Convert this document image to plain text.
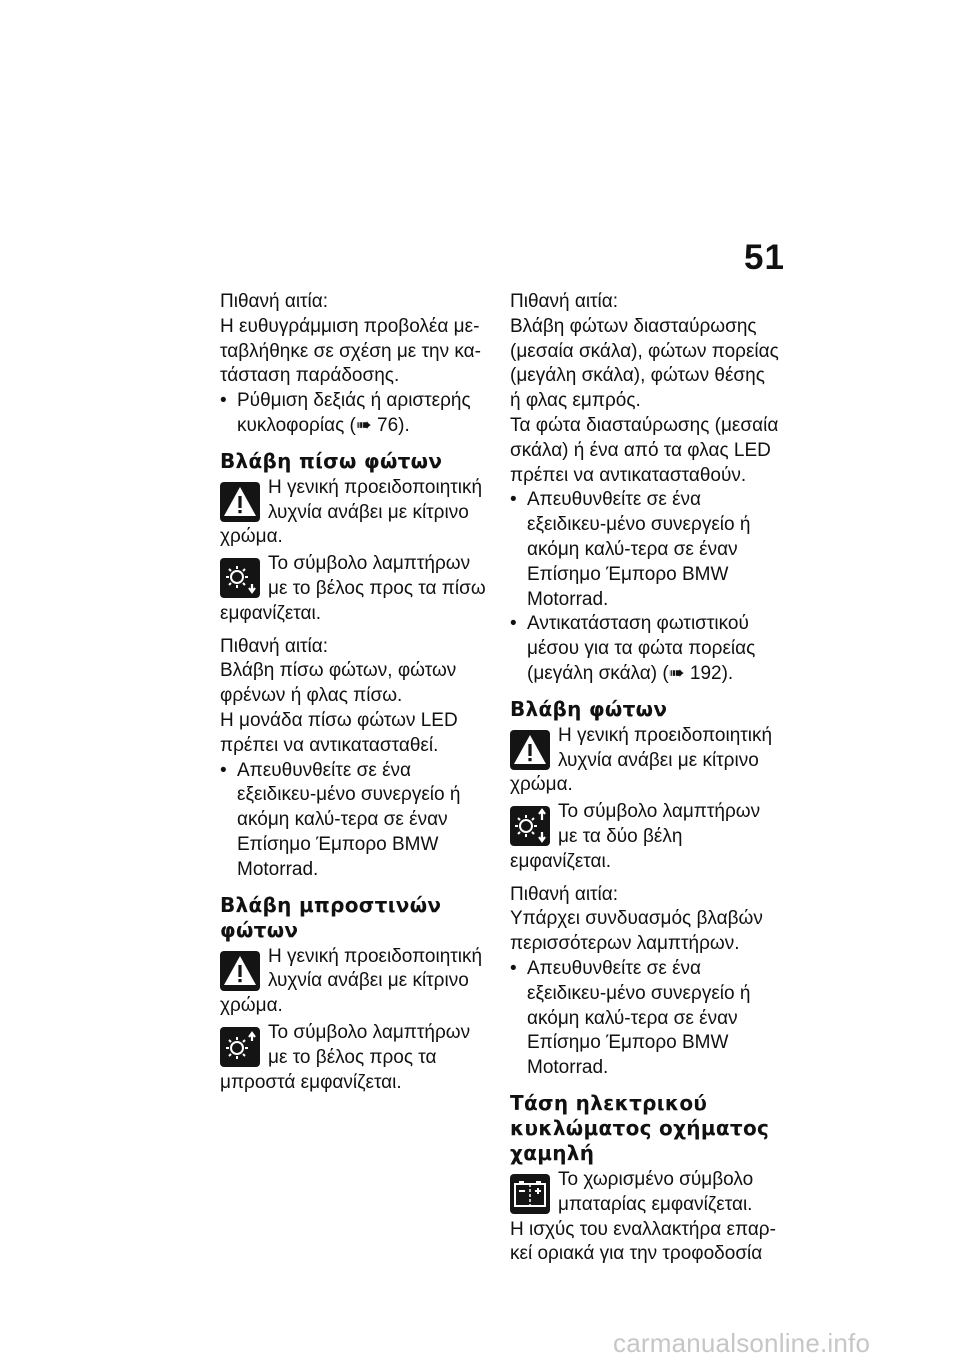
51

Πιθανή αιτία:

Η ευθυγράμμιση προβολέα με-ταβλήθηκε σε σχέση με την κα-τάσταση παράδοσης.

• Ρύθμιση δεξιάς ή αριστερής κυκλοφορίας (➠ 76).

Βλάβη πίσω φώτων

Η γενική προειδοποιητική λυχνία ανάβει με κίτρινο χρώμα.

Το σύμβολο λαμπτήρων με το βέλος προς τα πίσω εμφανίζεται.

Πιθανή αιτία:

Βλάβη πίσω φώτων, φώτων φρένων ή φλας πίσω.

Η μονάδα πίσω φώτων LED πρέπει να αντικατασταθεί.

• Απευθυνθείτε σε ένα εξειδικευ-μένο συνεργείο ή ακόμη καλύ-τερα σε έναν Επίσημο Έμπορο BMW Motorrad.

Βλάβη μπροστινών φώτων

Η γενική προειδοποιητική λυχνία ανάβει με κίτρινο χρώμα.

Το σύμβολο λαμπτήρων με το βέλος προς τα μπροστά εμφανίζεται.

Πιθανή αιτία:

Βλάβη φώτων διασταύρωσης (μεσαία σκάλα), φώτων πορείας (μεγάλη σκάλα), φώτων θέσης ή φλας εμπρός.

Τα φώτα διασταύρωσης (μεσαία σκάλα) ή ένα από τα φλας LED πρέπει να αντικατασταθούν.

• Απευθυνθείτε σε ένα εξειδικευ-μένο συνεργείο ή ακόμη καλύ-τερα σε έναν Επίσημο Έμπορο BMW Motorrad.

• Αντικατάσταση φωτιστικού μέσου για τα φώτα πορείας (μεγάλη σκάλα) (➠ 192).

Βλάβη φώτων

Η γενική προειδοποιητική λυχνία ανάβει με κίτρινο χρώμα.

Το σύμβολο λαμπτήρων με τα δύο βέλη εμφανίζεται.

Πιθανή αιτία:

Υπάρχει συνδυασμός βλαβών περισσότερων λαμπτήρων.

• Απευθυνθείτε σε ένα εξειδικευ-μένο συνεργείο ή ακόμη καλύ-τερα σε έναν Επίσημο Έμπορο BMW Motorrad.

Τάση ηλεκτρικού κυκλώματος οχήματος χαμηλή

Το χωρισμένο σύμβολο μπαταρίας εμφανίζεται.

Η ισχύς του εναλλακτήρα επαρ-κεί οριακά για την τροφοδοσία

carmanualsonline.info
